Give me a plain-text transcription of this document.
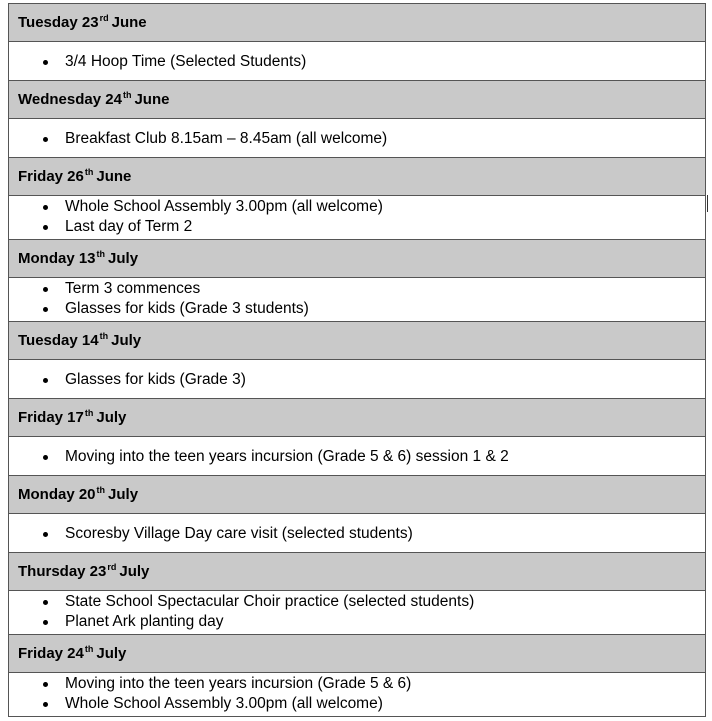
Tuesday 23rd June
3/4 Hoop Time (Selected Students)
Wednesday 24th June
Breakfast Club 8.15am – 8.45am (all welcome)
Friday 26th June
Whole School Assembly 3.00pm (all welcome)
Last day of Term 2
Monday 13th July
Term 3 commences
Glasses for kids (Grade 3 students)
Tuesday 14th July
Glasses for kids (Grade 3)
Friday 17th July
Moving into the teen years incursion (Grade 5 & 6) session 1 & 2
Monday 20th July
Scoresby Village Day care visit (selected students)
Thursday 23rd July
State School Spectacular Choir practice (selected students)
Planet Ark planting day
Friday 24th July
Moving into the teen years incursion (Grade 5 & 6)
Whole School Assembly 3.00pm (all welcome)
